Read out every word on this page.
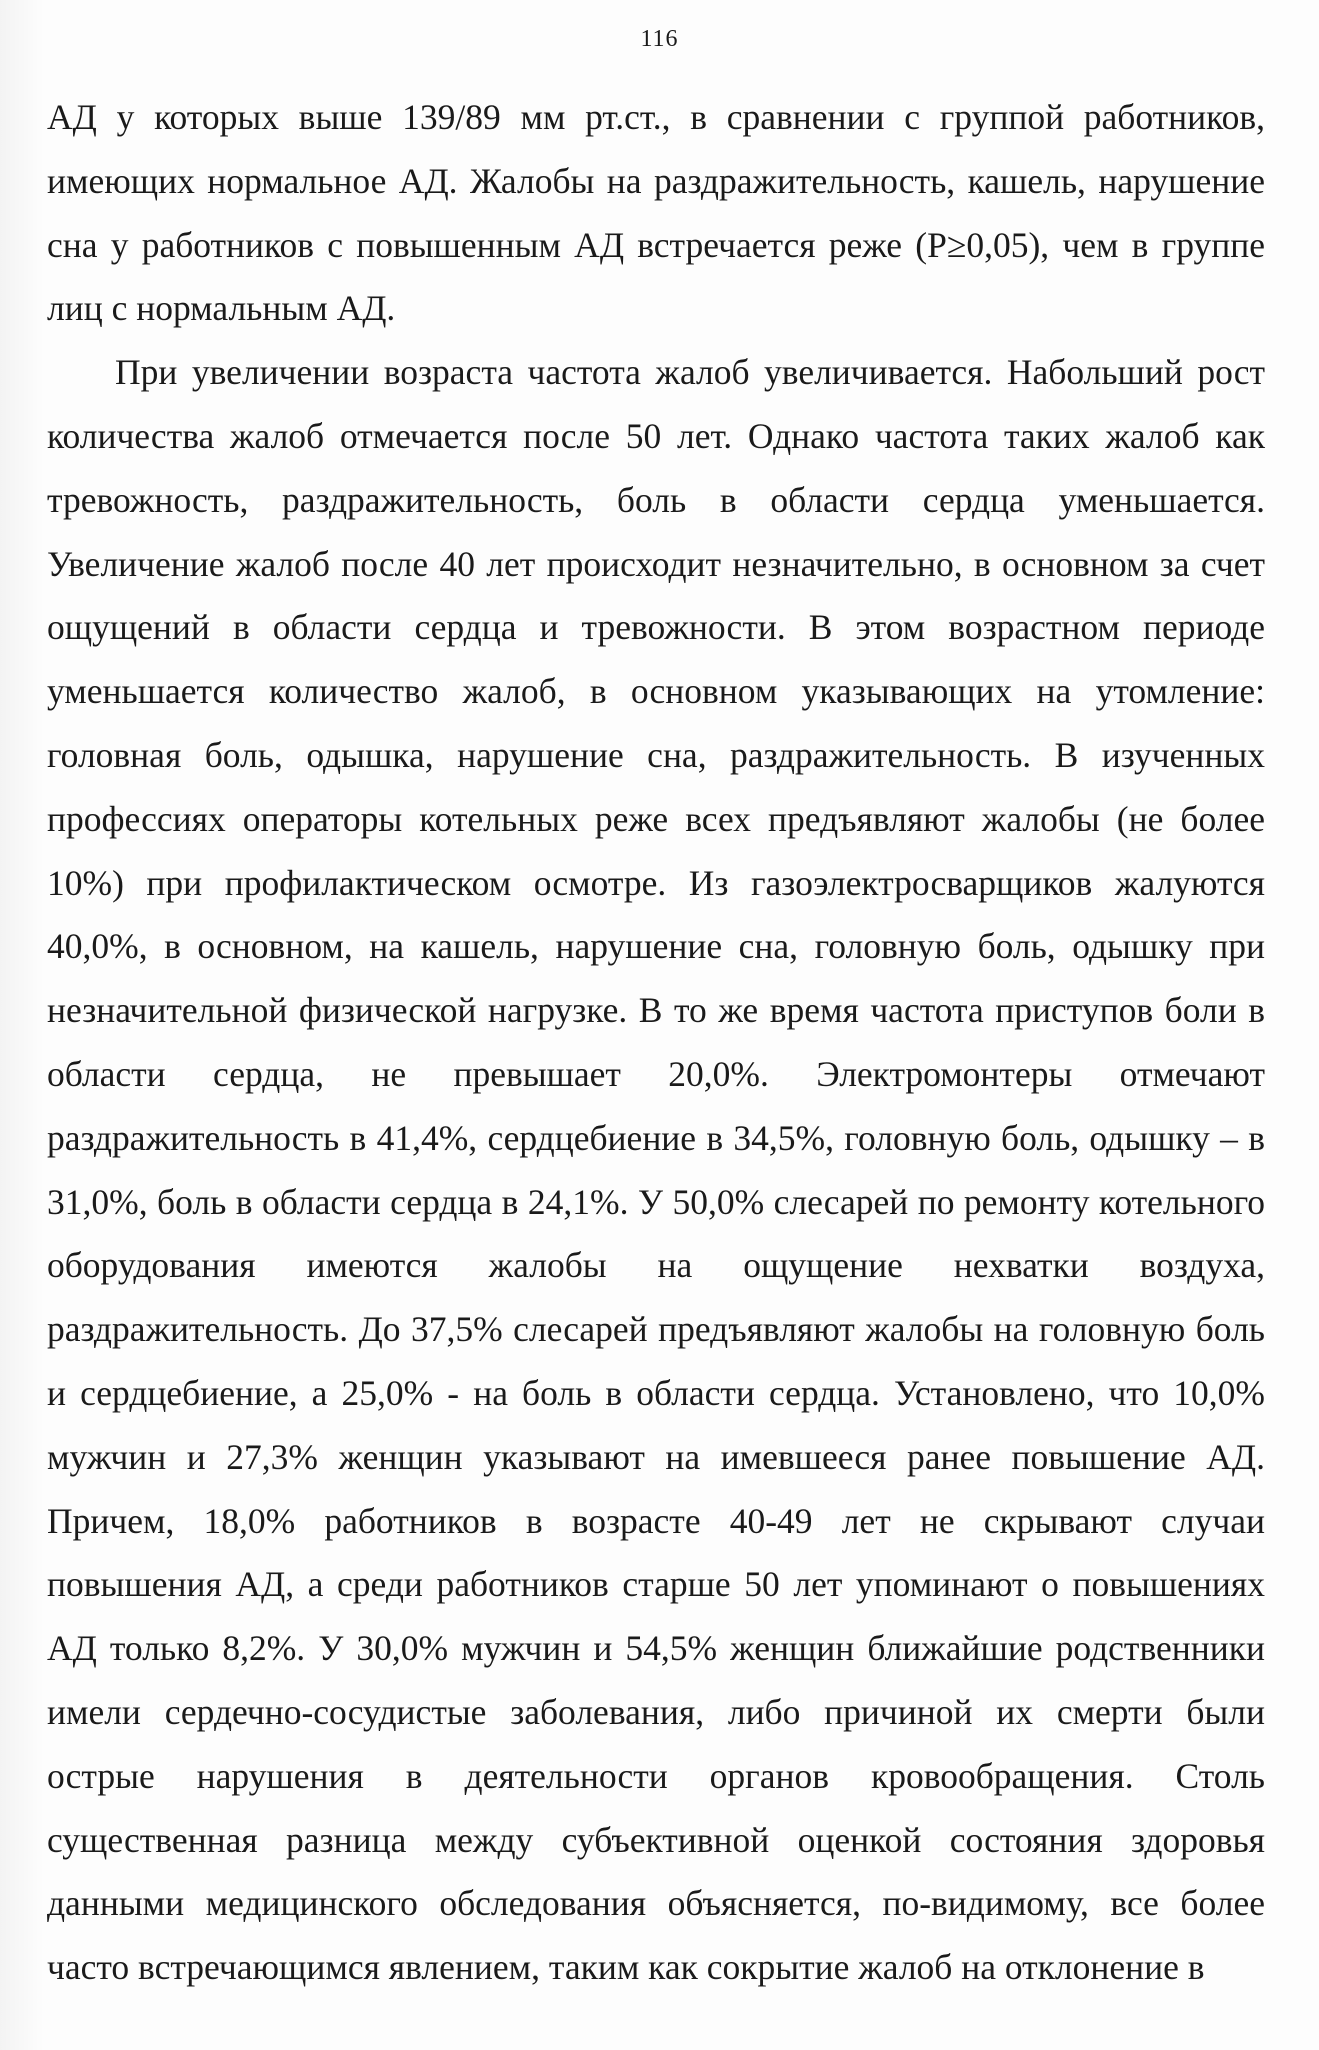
116

АД у которых выше 139/89 мм рт.ст., в сравнении с группой работников, имеющих нормальное АД. Жалобы на раздражительность, кашель, нарушение сна у работников с повышенным АД встречается реже (Р≥0,05), чем в группе лиц с нормальным АД.

При увеличении возраста частота жалоб увеличивается. Набольший рост количества жалоб отмечается после 50 лет. Однако частота таких жалоб как тревожность, раздражительность, боль в области сердца уменьшается. Увеличение жалоб после 40 лет происходит незначительно, в основном за счет ощущений в области сердца и тревожности. В этом возрастном периоде уменьшается количество жалоб, в основном указывающих на утомление: головная боль, одышка, нарушение сна, раздражительность. В изученных профессиях операторы котельных реже всех предъявляют жалобы (не более 10%) при профилактическом осмотре. Из газоэлектросварщиков жалуются 40,0%, в основном, на кашель, нарушение сна, головную боль, одышку при незначительной физической нагрузке. В то же время частота приступов боли в области сердца, не превышает 20,0%. Электромонтеры отмечают раздражительность в 41,4%, сердцебиение в 34,5%, головную боль, одышку – в 31,0%, боль в области сердца в 24,1%. У 50,0% слесарей по ремонту котельного оборудования имеются жалобы на ощущение нехватки воздуха, раздражительность. До 37,5% слесарей предъявляют жалобы на головную боль и сердцебиение, а 25,0% - на боль в области сердца. Установлено, что 10,0% мужчин и 27,3% женщин указывают на имевшееся ранее повышение АД. Причем, 18,0% работников в возрасте 40-49 лет не скрывают случаи повышения АД, а среди работников старше 50 лет упоминают о повышениях АД только 8,2%. У 30,0% мужчин и 54,5% женщин ближайшие родственники имели сердечно-сосудистые заболевания, либо причиной их смерти были острые нарушения в деятельности органов кровообращения. Столь существенная разница между субъективной оценкой состояния здоровья данными медицинского обследования объясняется, по-видимому, все более часто встречающимся явлением, таким как сокрытие жалоб на отклонение в
